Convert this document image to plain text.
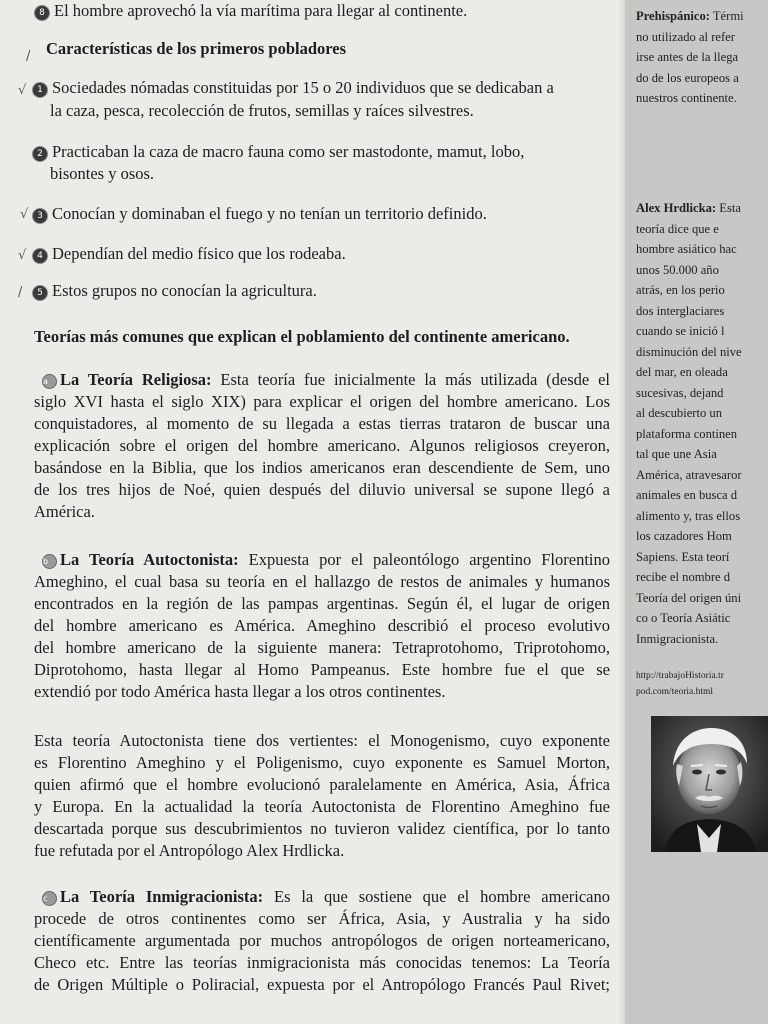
8 El hombre aprovechó la vía marítima para llegar al continente.
/ Características de los primeros pobladores
√	1 Sociedades nómadas constituidas por 15 o 20 individuos que se dedicaban a
la caza, pesca, recolección de frutos, semillas y raíces silvestres.
2 Practicaban la caza de macro fauna como ser mastodonte, mamut, lobo,
bisontes y osos.
√ 3 Conocían y dominaban el fuego y no tenían un territorio definido.
√	4 Dependían del medio físico que los rodeaba.
/	5 Estos grupos no conocían la agricultura.
Teorías más comunes que explican el poblamiento del continente americano.
a La Teoría Religiosa: Esta teoría fue inicialmente la más utilizada (desde el
siglo XVI hasta el siglo XIX) para explicar el origen del hombre americano. Los
conquistadores, al momento de su llegada a estas tierras trataron de buscar una
explicación sobre el origen del hombre americano. Algunos religiosos creyeron,
basándose en la Biblia, que los indios americanos eran descendiente de Sem, uno
de los tres hijos de Noé, quien después del diluvio universal se supone llegó a
América.
b La Teoría Autoctonista: Expuesta por el paleontólogo argentino Florentino
Ameghino, el cual basa su teoría en el hallazgo de restos de animales y humanos
encontrados en la región de las pampas argentinas. Según él, el lugar de origen
del hombre americano es América. Ameghino describió el proceso evolutivo
del hombre americano de la siguiente manera: Tetraprotohomo, Triprotohomo,
Diprotohomo, hasta llegar al Homo Pampeanus. Este hombre fue el que se
extendió por todo América hasta llegar a los otros continentes.
Esta teoría Autoctonista tiene dos vertientes: el Monogenismo, cuyo exponente
es Florentino Ameghino y el Poligenismo, cuyo exponente es Samuel Morton,
quien afirmó que el hombre evolucionó paralelamente en América, Asia, África
y Europa. En la actualidad la teoría Autoctonista de Florentino Ameghino fue
descartada porque sus descubrimientos no tuvieron validez científica, por lo tanto
fue refutada por el Antropólogo Alex Hrdlicka.
c La Teoría Inmigracionista: Es la que sostiene que el hombre americano
procede de otros continentes como ser África, Asia, y Australia y ha sido
científicamente argumentada por muchos antropólogos de origen norteamericano,
Checo etc. Entre las teorías inmigracionista más conocidas tenemos: La Teoría
de Origen Múltiple o Poliracial, expuesta por el Antropólogo Francés Paul Rivet;
Prehispánico: Térmi
no utilizado al refer
irse antes de la llega
do de los europeos a
nuestros continente.
Alex Hrdlicka: Esta
teoría dice que e
hombre asiático hac
unos 50.000 año
atrás, en los perio
dos interglaciares
cuando se inició l
disminución del nive
del mar, en oleada
sucesivas, dejand
al descubierto un
plataforma continen
tal que une Asia
América, atravesaror
animales en busca d
alimento y, tras ellos
los cazadores Hom
Sapiens. Esta teorí
recibe el nombre d
Teoría del origen úni
co o Teoría Asiátic
Inmigracionista.
http://trabajoHistoria.tr
pod.com/teoria.html
